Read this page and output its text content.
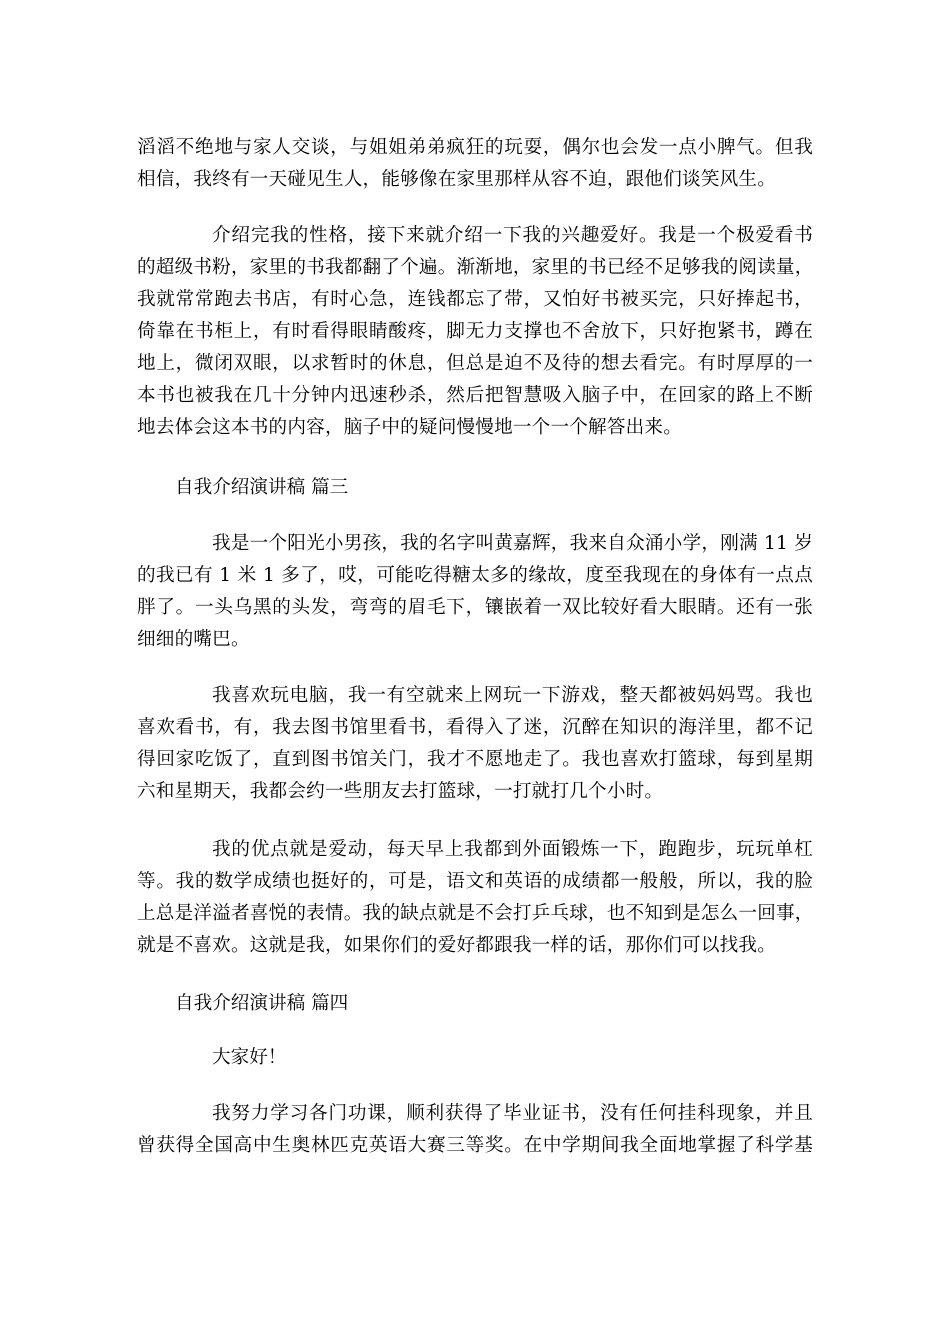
滔滔不绝地与家人交谈，与姐姐弟弟疯狂的玩耍，偶尔也会发一点小脾气。但我
相信，我终有一天碰见生人，能够像在家里那样从容不迫，跟他们谈笑风生。
介绍完我的性格，接下来就介绍一下我的兴趣爱好。我是一个极爱看书
的超级书粉，家里的书我都翻了个遍。渐渐地，家里的书已经不足够我的阅读量，
我就常常跑去书店，有时心急，连钱都忘了带，又怕好书被买完，只好捧起书，
倚靠在书柜上，有时看得眼睛酸疼，脚无力支撑也不舍放下，只好抱紧书，蹲在
地上，微闭双眼，以求暂时的休息，但总是迫不及待的想去看完。有时厚厚的一
本书也被我在几十分钟内迅速秒杀，然后把智慧吸入脑子中，在回家的路上不断
地去体会这本书的内容，脑子中的疑问慢慢地一个一个解答出来。
自我介绍演讲稿 篇三
我是一个阳光小男孩，我的名字叫黄嘉辉，我来自众涌小学，刚满 11 岁
的我已有 1 米 1 多了，哎，可能吃得糖太多的缘故，度至我现在的身体有一点点
胖了。一头乌黑的头发，弯弯的眉毛下，镶嵌着一双比较好看大眼睛。还有一张
细细的嘴巴。
我喜欢玩电脑，我一有空就来上网玩一下游戏，整天都被妈妈骂。我也
喜欢看书，有，我去图书馆里看书，看得入了迷，沉醉在知识的海洋里，都不记
得回家吃饭了，直到图书馆关门，我才不愿地走了。我也喜欢打篮球，每到星期
六和星期天，我都会约一些朋友去打篮球，一打就打几个小时。
我的优点就是爱动，每天早上我都到外面锻炼一下，跑跑步，玩玩单杠
等。我的数学成绩也挺好的，可是，语文和英语的成绩都一般般，所以，我的脸
上总是洋溢者喜悦的表情。我的缺点就是不会打乒乓球，也不知到是怎么一回事，
就是不喜欢。这就是我，如果你们的爱好都跟我一样的话，那你们可以找我。
自我介绍演讲稿 篇四

大家好！

我努力学习各门功课，顺利获得了毕业证书，没有任何挂科现象，并且
曾获得全国高中生奥林匹克英语大赛三等奖。在中学期间我全面地掌握了科学基
